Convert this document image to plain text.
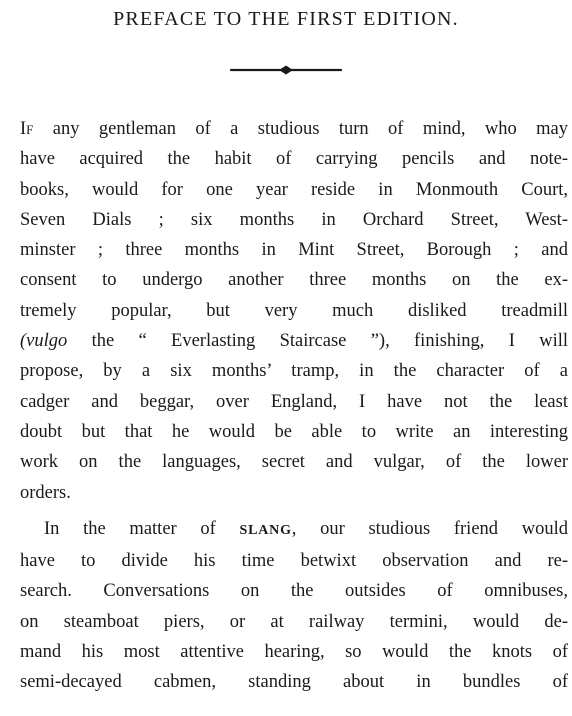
PREFACE TO THE FIRST EDITION.
If any gentleman of a studious turn of mind, who may
have acquired the habit of carrying pencils and note-
books, would for one year reside in Monmouth Court,
Seven Dials ; six months in Orchard Street, West-
minster ; three months in Mint Street, Borough ; and
consent to undergo another three months on the ex-
tremely popular, but very much disliked treadmill
(vulgo the “ Everlasting Staircase ”), finishing, I will
propose, by a six months’ tramp, in the character of a
cadger and beggar, over England, I have not the least
doubt but that he would be able to write an interesting
work on the languages, secret and vulgar, of the lower
orders.
In the matter of SLANG, our studious friend would
have to divide his time betwixt observation and re-
search. Conversations on the outsides of omnibuses,
on steamboat piers, or at railway termini, would de-
mand his most attentive hearing, so would the knots of
semi-decayed cabmen, standing about in bundles of
